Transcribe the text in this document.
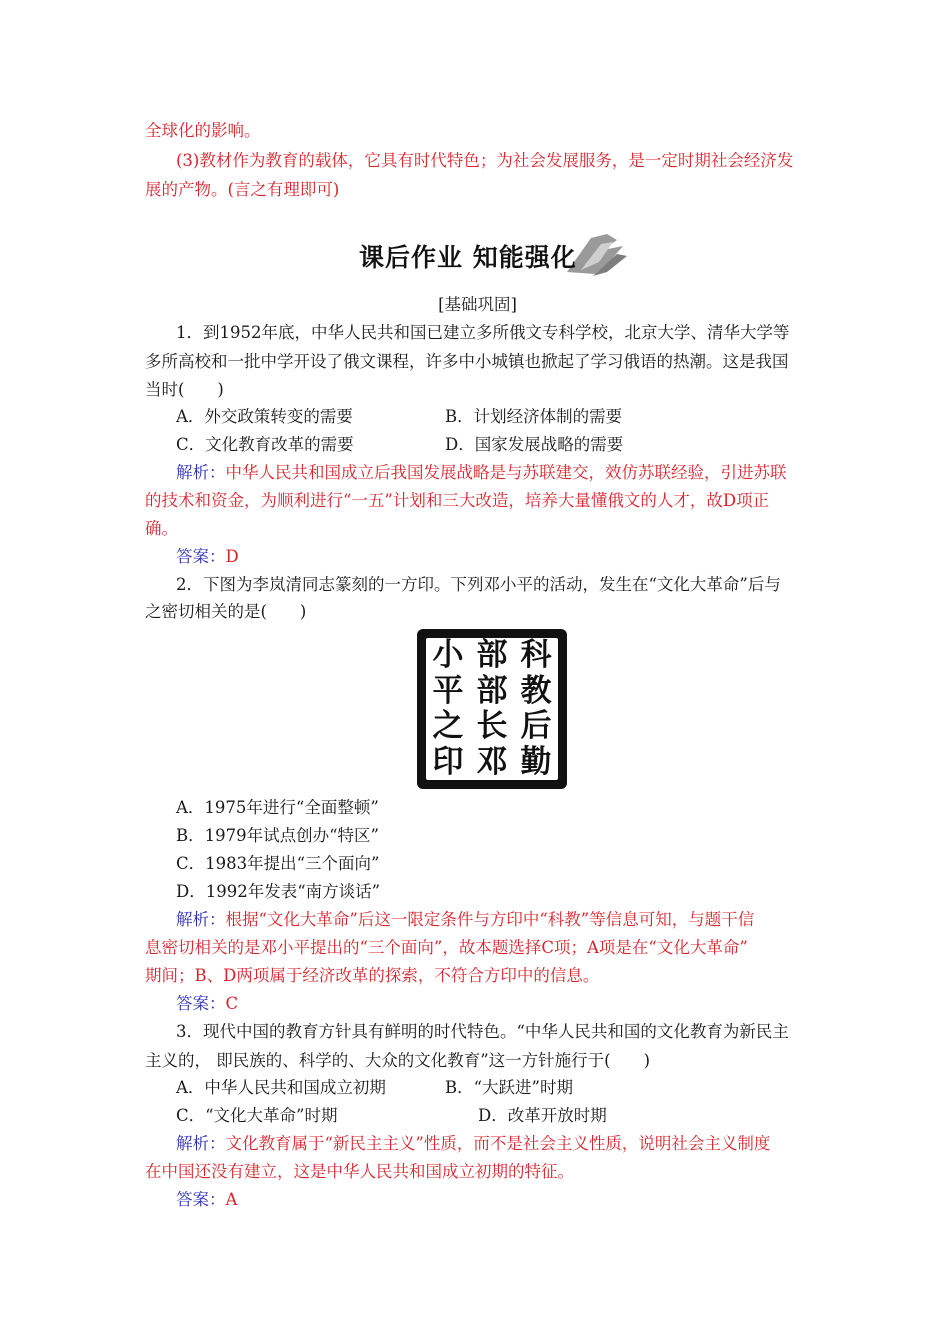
全球化的影响。
(3)教材作为教育的载体，它具有时代特色；为社会发展服务，是一定时期社会经济发
展的产物。(言之有理即可)
课后作业 知能强化
[基础巩固]
1．到1952年底，中华人民共和国已建立多所俄文专科学校，北京大学、清华大学等
多所高校和一批中学开设了俄文课程，许多中小城镇也掀起了学习俄语的热潮。这是我国
当时(　　)
A．外交政策转变的需要	B．计划经济体制的需要
C．文化教育改革的需要	D．国家发展战略的需要
解析：中华人民共和国成立后我国发展战略是与苏联建交，效仿苏联经验，引进苏联
的技术和资金，为顺利进行“一五”计划和三大改造，培养大量懂俄文的人才，故D项正
确。
答案：D
2．下图为李岚清同志篆刻的一方印。下列邓小平的活动，发生在“文化大革命”后与
之密切相关的是(　　)
小 部 科
平 部 教
之 长 后
印 邓 勤
A．1975年进行“全面整顿”
B．1979年试点创办“特区”
C．1983年提出“三个面向”
D．1992年发表“南方谈话”
解析：根据“文化大革命”后这一限定条件与方印中“科教”等信息可知，与题干信
息密切相关的是邓小平提出的“三个面向”，故本题选择C项；A项是在“文化大革命”
期间；B、D两项属于经济改革的探索，不符合方印中的信息。
答案：C
3．现代中国的教育方针具有鲜明的时代特色。“中华人民共和国的文化教育为新民主
主义的， 即民族的、科学的、大众的文化教育”这一方针施行于(　　)
A．中华人民共和国成立初期	B．“大跃进”时期
C．“文化大革命”时期	D．改革开放时期
解析：文化教育属于“新民主主义”性质，而不是社会主义性质，说明社会主义制度
在中国还没有建立，这是中华人民共和国成立初期的特征。
答案：A
